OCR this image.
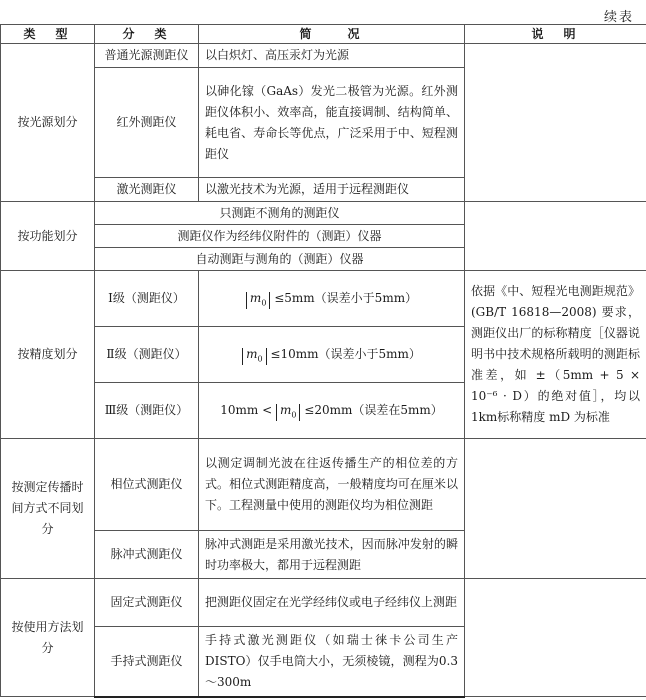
续表
类　型	分　类	简　　况	说　明
按光源划分	普通光源测距仪	以白炽灯、高压汞灯为光源	
	红外测距仪	以砷化镓（GaAs）发光二极管为光源。红外测距仪体积小、效率高，能直接调制、结构简单、耗电省、寿命长等优点，广泛采用于中、短程测距仪	
	激光测距仪	以激光技术为光源，适用于远程测距仪	
按功能划分	只测距不测角的测距仪		
	测距仪作为经纬仪附件的（测距）仪器		
	自动测距与测角的（测距）仪器		
按精度划分	Ⅰ级（测距仪）	$m_0 \le 5mm$（误差小于5mm）	依据《中、短程光电测距规范》(GB/T 16818—2008) 要求，测距仪出厂的标称精度［仪器说明书中技术规格所载明的测距标准差，如 ±（5mm + 5 × 10⁻⁶ · D）的绝对值］，均以1km标称精度 mD 为标准
	Ⅱ级（测距仪）	$m_0 \le 10mm$（误差小于5mm）	
	Ⅲ级（测距仪）	$10mm < m_0 \le 20mm$（误差在5mm）	
按测定传播时间方式不同划分	相位式测距仪	以测定调制光波在往返传播生产的相位差的方式。相位式测距精度高，一般精度均可在厘米以下。工程测量中使用的测距仪均为相位测距	
	脉冲式测距仪	脉冲式测距是采用激光技术，因而脉冲发射的瞬时功率极大，都用于远程测距	
按使用方法划分	固定式测距仪	把测距仪固定在光学经纬仪或电子经纬仪上测距	
	手持式测距仪	手持式激光测距仪（如瑞士徕卡公司生产DISTO）仅手电筒大小，无须棱镜，测程为0.3～300m	
